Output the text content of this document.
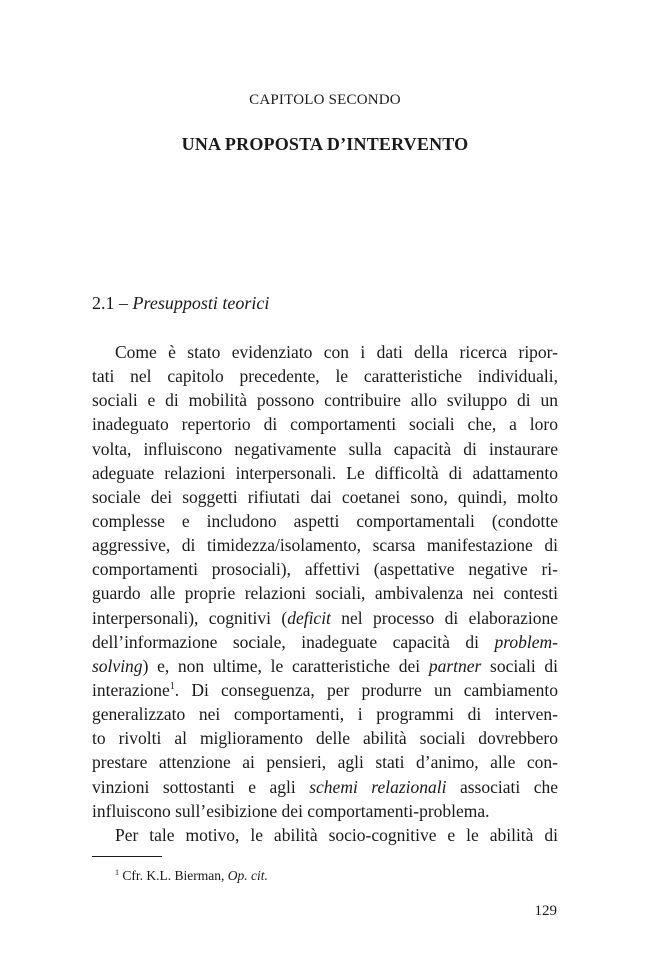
CAPITOLO SECONDO
UNA PROPOSTA D’INTERVENTO
2.1 – Presupposti teorici
Come è stato evidenziato con i dati della ricerca ripor-
tati nel capitolo precedente, le caratteristiche individuali,
sociali e di mobilità possono contribuire allo sviluppo di un
inadeguato repertorio di comportamenti sociali che, a loro
volta, influiscono negativamente sulla capacità di instaurare
adeguate relazioni interpersonali. Le difficoltà di adattamento
sociale dei soggetti rifiutati dai coetanei sono, quindi, molto
complesse e includono aspetti comportamentali (condotte
aggressive, di timidezza/isolamento, scarsa manifestazione di
comportamenti prosociali), affettivi (aspettative negative ri-
guardo alle proprie relazioni sociali, ambivalenza nei contesti
interpersonali), cognitivi (deficit nel processo di elaborazione
dell’informazione sociale, inadeguate capacità di problem-
solving) e, non ultime, le caratteristiche dei partner sociali di
interazione$^1$. Di conseguenza, per produrre un cambiamento
generalizzato nei comportamenti, i programmi di interven-
to rivolti al miglioramento delle abilità sociali dovrebbero
prestare attenzione ai pensieri, agli stati d’animo, alle con-
vinzioni sottostanti e agli schemi relazionali associati che
influiscono sull’esibizione dei comportamenti-problema.
Per tale motivo, le abilità socio-cognitive e le abilità di
$^1$ Cfr. K.L. Bierman, Op. cit.
129
